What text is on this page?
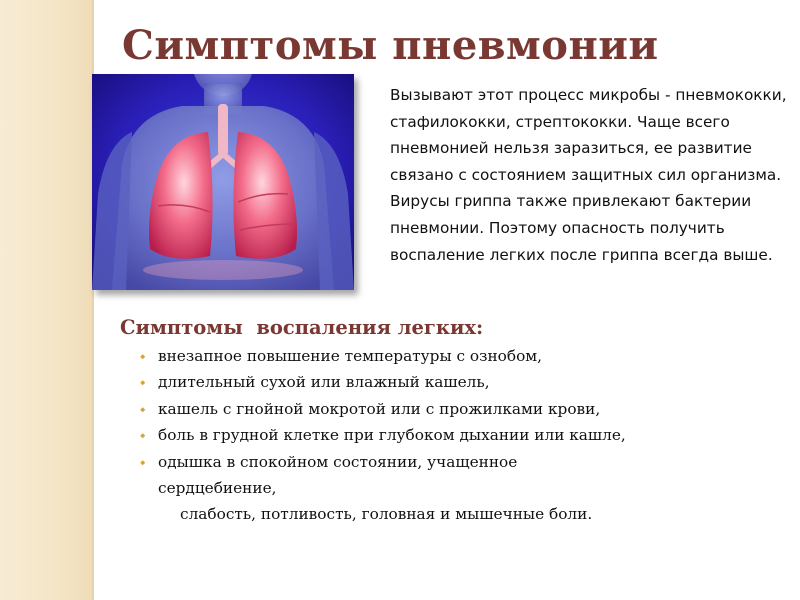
Симптомы пневмонии

Вызывают этот процесс микробы - пневмококки, стафилококки, стрептококки. Чаще всего пневмонией нельзя заразиться, ее развитие связано с состоянием защитных сил организма. Вирусы гриппа также привлекают бактерии пневмонии. Поэтому опасность получить воспаление легких после гриппа всегда выше.

Симптомы  воспаления легких:
⬩ внезапное повышение температуры с ознобом,
⬩ длительный сухой или влажный кашель,
⬩ кашель с гнойной мокротой или с прожилками крови,
⬩ боль в грудной клетке при глубоком дыхании или кашле,
⬩ одышка в спокойном состоянии, учащенное сердцебиение,
слабость, потливость, головная и мышечные боли.
